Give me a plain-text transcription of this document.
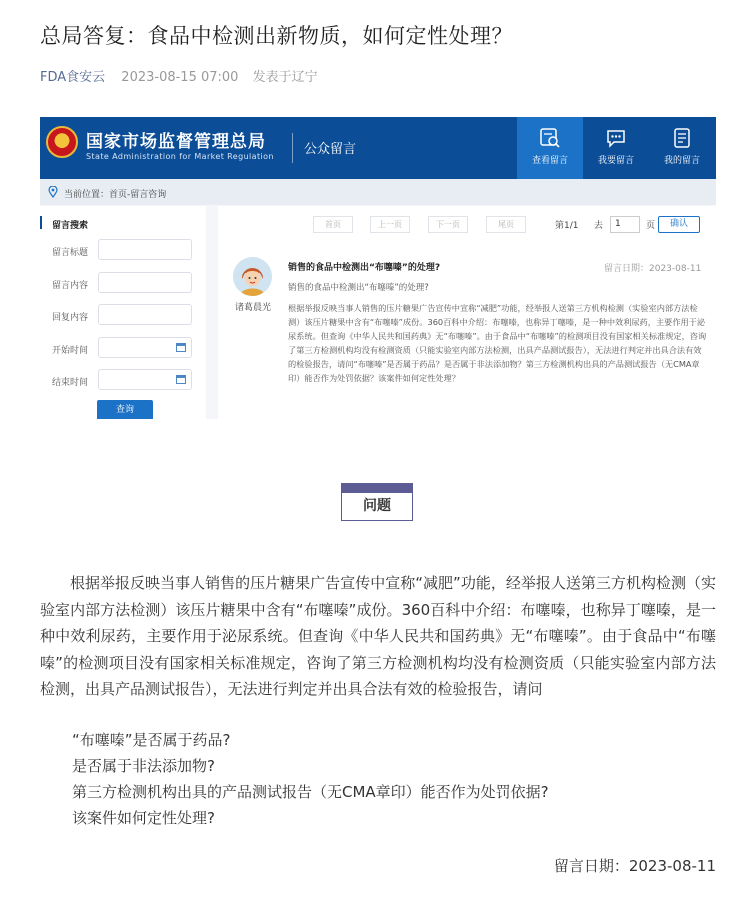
总局答复：食品中检测出新物质，如何定性处理？
FDA食安云 2023-08-15 07:00 发表于辽宁
国家市场监督管理总局
State Administration for Market Regulation 公众留言
查看留言	我要留言	我的留言
当前位置：首页-留言咨询
留言搜索
留言标题
留言内容
回复内容
开始时间
结束时间
查询
首页	上一页	下一页	尾页	第1/1 去	1	页	确认
诸葛晨光
销售的食品中检测出“布噻嗪”的处理?	留言日期：2023-08-11
销售的食品中检测出“布噻嗪”的处理?
根据举报反映当事人销售的压片糖果广告宣传中宣称“减肥”功能，经举报人送第三方机构检测（实验室内部方法检测）该压片糖果中含有“布噻嗪”成份。360百科中介绍：布噻嗪，也称异丁噻嗪，是一种中效利尿药，主要作用于泌尿系统。但查询《中华人民共和国药典》无“布噻嗪”。由于食品中“布噻嗪”的检测项目没有国家相关标准规定，咨询了第三方检测机构均没有检测资质（只能实验室内部方法检测，出具产品测试报告），无法进行判定并出具合法有效的检验报告，请问“布噻嗪”是否属于药品？是否属于非法添加物？第三方检测机构出具的产品测试报告（无CMA章印）能否作为处罚依据？该案件如何定性处理？
问题
根据举报反映当事人销售的压片糖果广告宣传中宣称“减肥”功能，经举报人送第三方机构检测（实验室内部方法检测）该压片糖果中含有“布噻嗪”成份。360百科中介绍：布噻嗪，也称异丁噻嗪，是一种中效利尿药，主要作用于泌尿系统。但查询《中华人民共和国药典》无“布噻嗪”。由于食品中“布噻嗪”的检测项目没有国家相关标准规定，咨询了第三方检测机构均没有检测资质（只能实验室内部方法检测，出具产品测试报告），无法进行判定并出具合法有效的检验报告，请问
“布噻嗪”是否属于药品?
是否属于非法添加物?
第三方检测机构出具的产品测试报告（无CMA章印）能否作为处罚依据?
该案件如何定性处理?
留言日期：2023-08-11
